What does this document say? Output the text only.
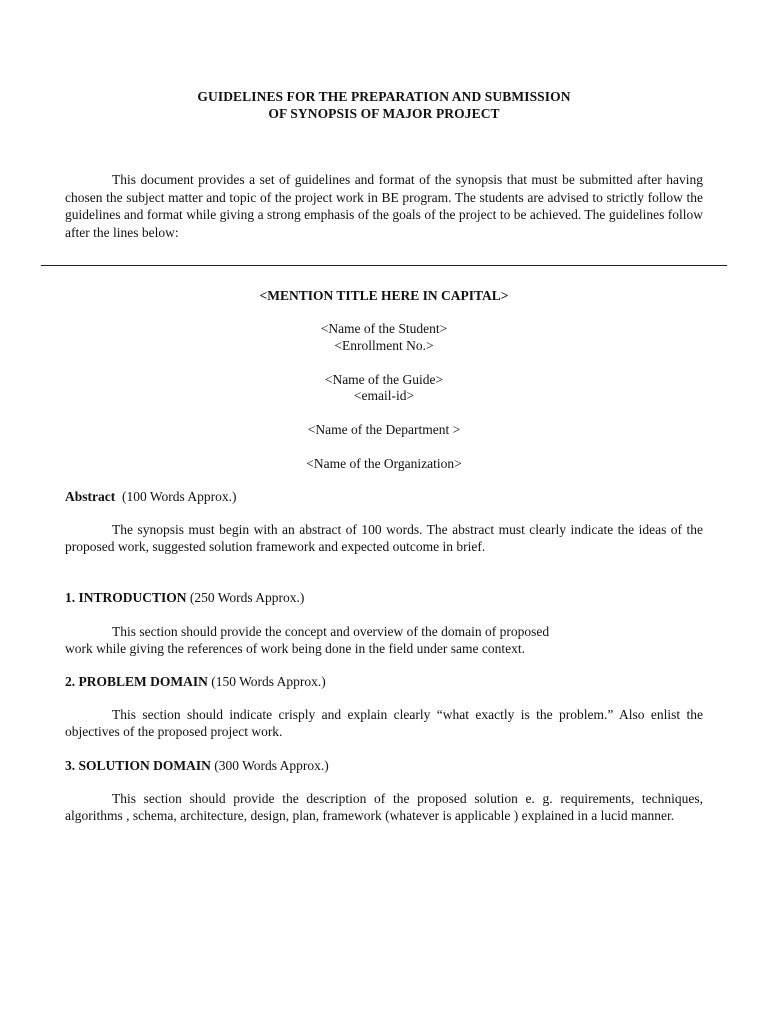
GUIDELINES FOR THE PREPARATION AND SUBMISSION
OF SYNOPSIS OF MAJOR PROJECT
This document provides a set of guidelines and format of the synopsis that must be submitted after having chosen the subject matter and topic of the project work in BE program. The students are advised to strictly follow the guidelines and format while giving a strong emphasis of the goals of the project to be achieved. The guidelines follow after the lines below:
<MENTION TITLE HERE IN CAPITAL>
<Name of the Student>
<Enrollment No.>
<Name of the Guide>
<email-id>
<Name of the Department >
<Name of the Organization>
Abstract (100 Words Approx.)
The synopsis must begin with an abstract of 100 words. The abstract must clearly indicate the ideas of the proposed work, suggested solution framework and expected outcome in brief.
1. INTRODUCTION (250 Words Approx.)
This section should provide the concept and overview of the domain of proposed
work while giving the references of work being done in the field under same context.
2. PROBLEM DOMAIN (150 Words Approx.)
This section should indicate crisply and explain clearly “what exactly is the problem.” Also enlist the objectives of the proposed project work.
3. SOLUTION DOMAIN (300 Words Approx.)
This section should provide the description of the proposed solution e. g. requirements, techniques, algorithms , schema, architecture, design, plan, framework (whatever is applicable ) explained in a lucid manner.
